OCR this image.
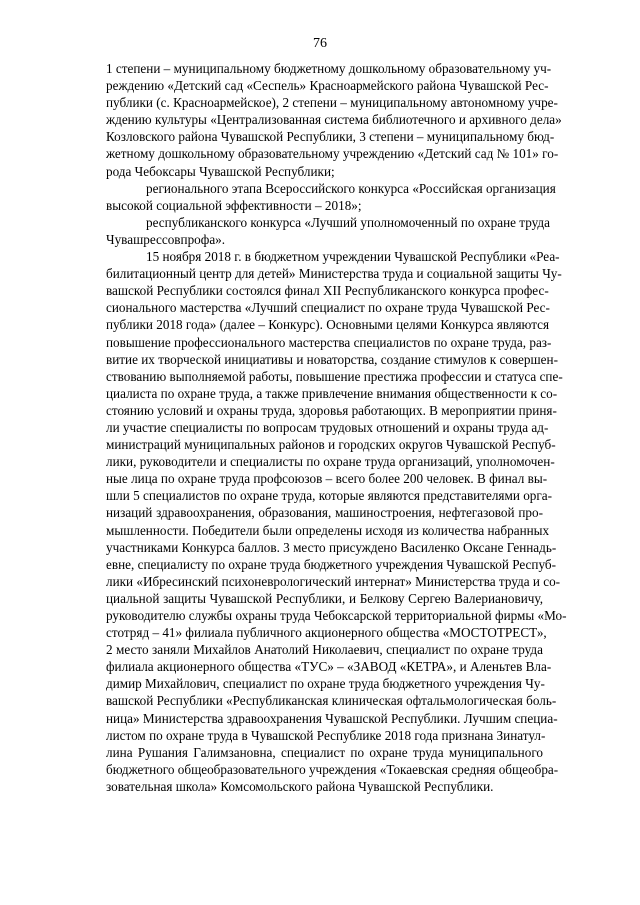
76
1 степени – муниципальному бюджетному дошкольному образовательному уч-
реждению «Детский сад «Сеспель» Красноармейского района Чувашской Рес-
публики (с. Красноармейское), 2 степени – муниципальному автономному учре-
ждению культуры «Централизованная система библиотечного и архивного дела»
Козловского района Чувашской Республики, 3 степени – муниципальному бюд-
жетному дошкольному образовательному учреждению «Детский сад № 101» го-
рода Чебоксары Чувашской Республики;
регионального этапа Всероссийского конкурса «Российская организация
высокой социальной эффективности – 2018»;
республиканского конкурса «Лучший уполномоченный по охране труда
Чувашрессовпрофа».
15 ноября 2018 г. в бюджетном учреждении Чувашской Республики «Реа-
билитационный центр для детей» Министерства труда и социальной защиты Чу-
вашской Республики состоялся финал XII Республиканского конкурса профес-
сионального мастерства «Лучший специалист по охране труда Чувашской Рес-
публики 2018 года» (далее – Конкурс). Основными целями Конкурса являются
повышение профессионального мастерства специалистов по охране труда, раз-
витие их творческой инициативы и новаторства, создание стимулов к совершен-
ствованию выполняемой работы, повышение престижа профессии и статуса спе-
циалиста по охране труда, а также привлечение внимания общественности к со-
стоянию условий и охраны труда, здоровья работающих. В мероприятии приня-
ли участие специалисты по вопросам трудовых отношений и охраны труда ад-
министраций муниципальных районов и городских округов Чувашской Респуб-
лики, руководители и специалисты по охране труда организаций, уполномочен-
ные лица по охране труда профсоюзов – всего более 200 человек. В финал вы-
шли 5 специалистов по охране труда, которые являются представителями орга-
низаций здравоохранения, образования, машиностроения, нефтегазовой про-
мышленности. Победители были определены исходя из количества набранных
участниками Конкурса баллов. 3 место присуждено Василенко Оксане Геннадь-
евне, специалисту по охране труда бюджетного учреждения Чувашской Респуб-
лики «Ибресинский психоневрологический интернат» Министерства труда и со-
циальной защиты Чувашской Республики, и Белкову Сергею Валериановичу,
руководителю службы охраны труда Чебоксарской территориальной фирмы «Мо-
стотряд – 41» филиала публичного акционерного общества «МОСТОТРЕСТ»,
2 место заняли Михайлов Анатолий Николаевич, специалист по охране труда
филиала акционерного общества «ТУС» – «ЗАВОД «КЕТРА», и Аленьтев Вла-
димир Михайлович, специалист по охране труда бюджетного учреждения Чу-
вашской Республики «Республиканская клиническая офтальмологическая боль-
ница» Министерства здравоохранения Чувашской Республики. Лучшим специа-
листом по охране труда в Чувашской Республике 2018 года признана Зинатул-
лина Рушания Галимзановна, специалист по охране труда муниципального
бюджетного общеобразовательного учреждения «Токаевская средняя общеобра-
зовательная школа» Комсомольского района Чувашской Республики.
